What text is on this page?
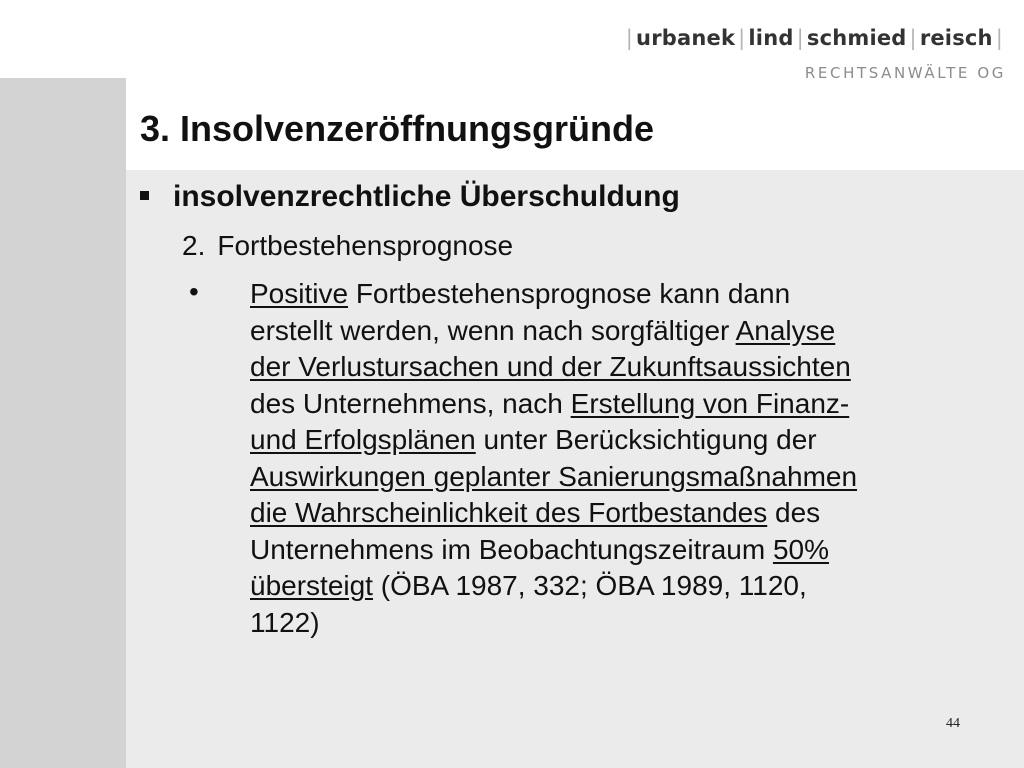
| urbanek | lind | schmied | reisch |
RECHTSANWÄLTE OG
3. Insolvenzeröffnungsgründe
insolvenzrechtliche Überschuldung
2. Fortbestehensprognose
• Positive Fortbestehensprognose kann dann
erstellt werden, wenn nach sorgfältiger Analyse
der Verlustursachen und der Zukunftsaussichten
des Unternehmens, nach Erstellung von Finanz-
und Erfolgsplänen unter Berücksichtigung der
Auswirkungen geplanter Sanierungsmaßnahmen
die Wahrscheinlichkeit des Fortbestandes des
Unternehmens im Beobachtungszeitraum 50%
übersteigt (ÖBA 1987, 332; ÖBA 1989, 1120,
1122)
44
